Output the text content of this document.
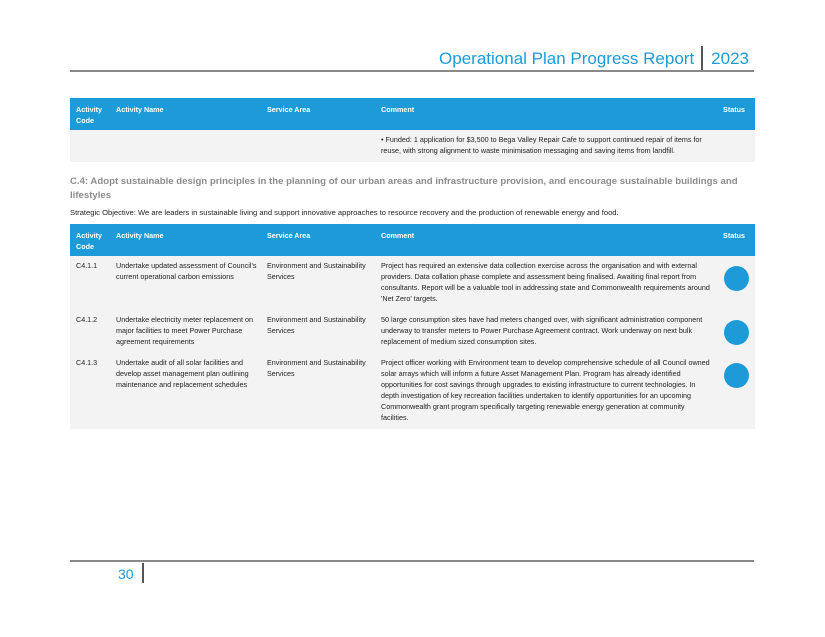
Operational Plan Progress Report 2023
Activity Code	Activity Name	Service Area	Comment	Status
			• Funded: 1 application for $3,500 to Bega Valley Repair Cafe to support continued repair of items for reuse, with strong alignment to waste minimisation messaging and saving items from landfill.	
C.4: Adopt sustainable design principles in the planning of our urban areas and infrastructure provision, and encourage sustainable buildings and lifestyles
Strategic Objective: We are leaders in sustainable living and support innovative approaches to resource recovery and the production of renewable energy and food.
Activity Code	Activity Name	Service Area	Comment	Status
C4.1.1	Undertake updated assessment of Council's current operational carbon emissions	Environment and Sustainability Services	Project has required an extensive data collection exercise across the organisation and with external providers. Data collation phase complete and assessment being finalised. Awaiting final report from consultants. Report will be a valuable tool in addressing state and Commonwealth requirements around 'Net Zero' targets.	

C4.1.2	Undertake electricity meter replacement on major facilities to meet Power Purchase agreement requirements	Environment and Sustainability Services	50 large consumption sites have had meters changed over, with significant administration component underway to transfer meters to Power Purchase Agreement contract. Work underway on next bulk replacement of medium sized consumption sites.	

C4.1.3	Undertake audit of all solar facilities and develop asset management plan outlining maintenance and replacement schedules	Environment and Sustainability Services	Project officer working with Environment team to develop comprehensive schedule of all Council owned solar arrays which will inform a future Asset Management Plan. Program has already identified opportunities for cost savings through upgrades to existing infrastructure to current technologies. In depth investigation of key recreation facilities undertaken to identify opportunities for an upcoming Commonwealth grant program specifically targeting renewable energy generation at community facilities.	
30
